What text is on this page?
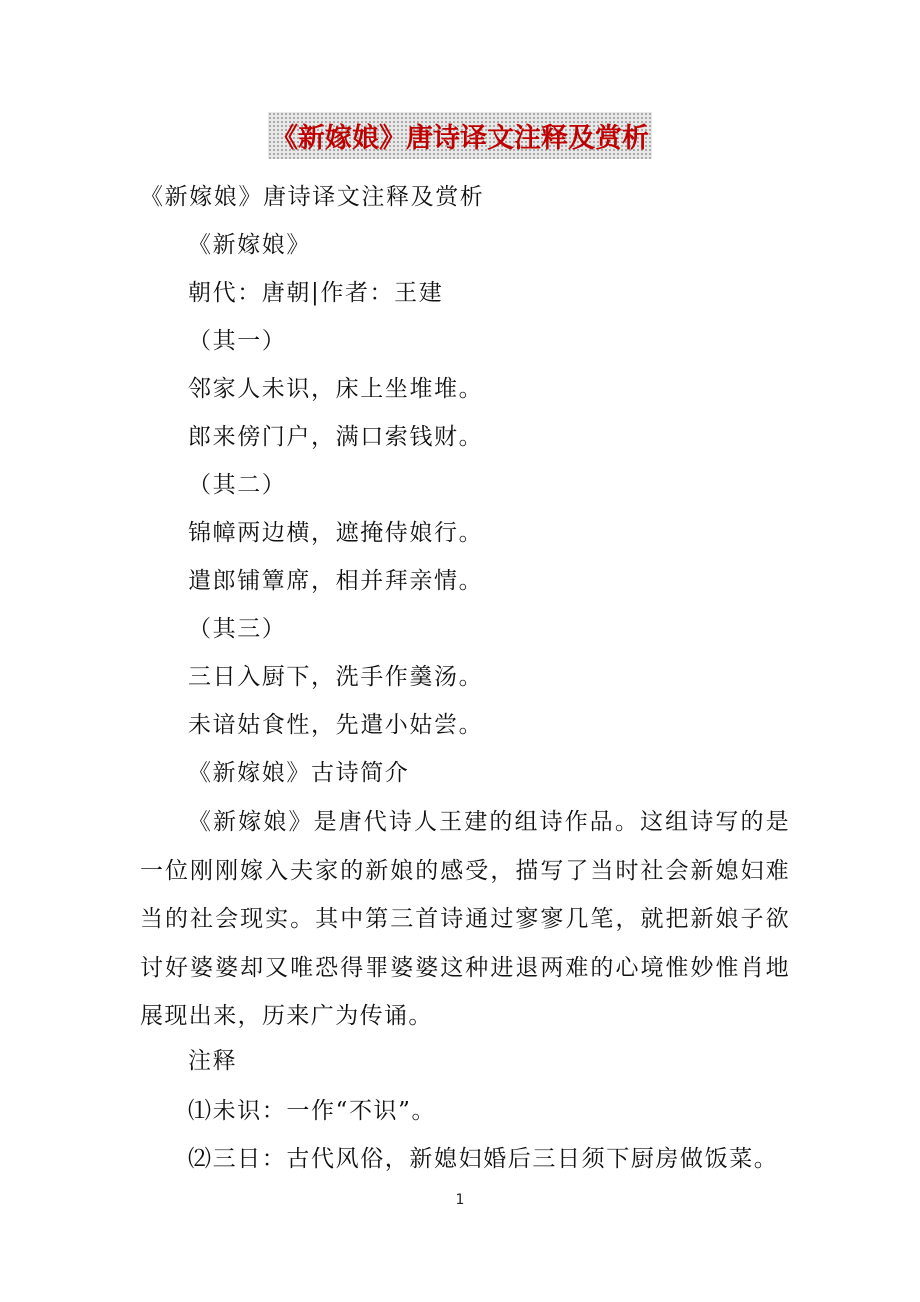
《新嫁娘》唐诗译文注释及赏析
《新嫁娘》唐诗译文注释及赏析
《新嫁娘》
朝代：唐朝|作者：王建
（其一）
邻家人未识，床上坐堆堆。
郎来傍门户，满口索钱财。
（其二）
锦幛两边横，遮掩侍娘行。
遣郎铺簟席，相并拜亲情。
（其三）
三日入厨下，洗手作羹汤。
未谙姑食性，先遣小姑尝。
《新嫁娘》古诗简介
《新嫁娘》是唐代诗人王建的组诗作品。这组诗写的是一位刚刚嫁入夫家的新娘的感受，描写了当时社会新媳妇难当的社会现实。其中第三首诗通过寥寥几笔，就把新娘子欲讨好婆婆却又唯恐得罪婆婆这种进退两难的心境惟妙惟肖地展现出来，历来广为传诵。
注释
⑴未识：一作“不识”。
⑵三日：古代风俗，新媳妇婚后三日须下厨房做饭菜。
1
